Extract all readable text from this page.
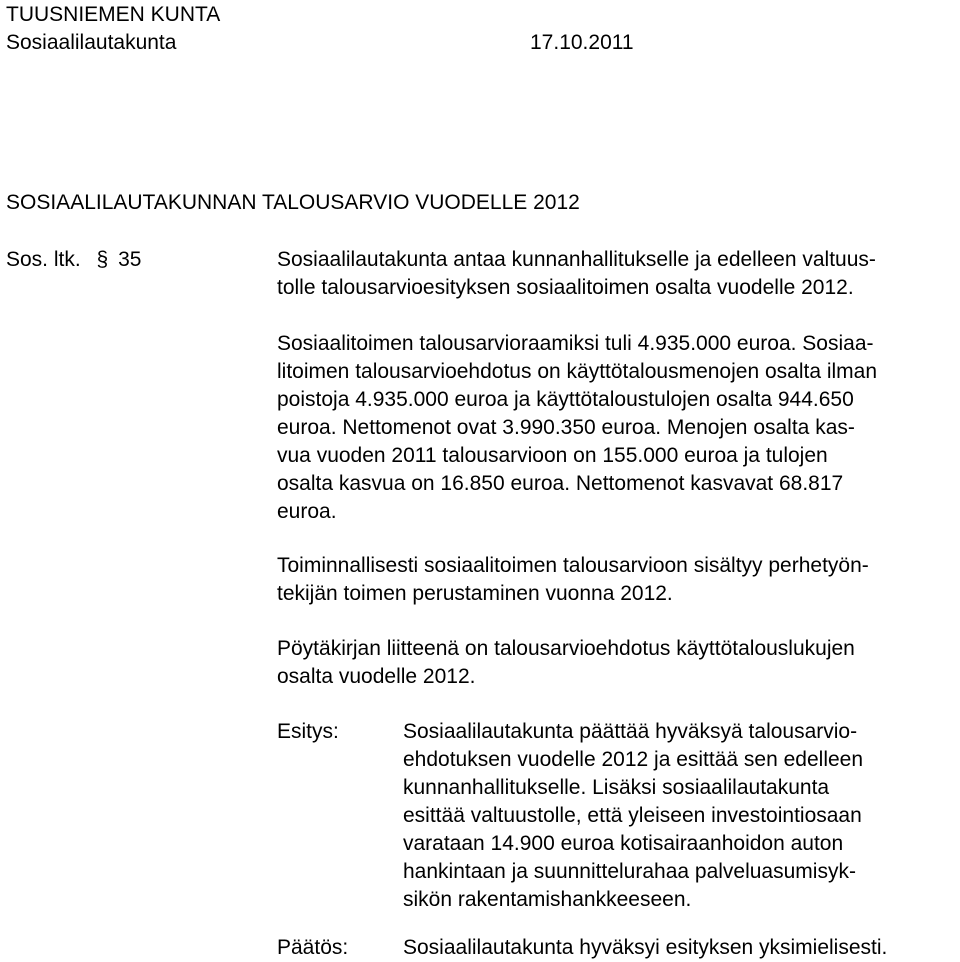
TUUSNIEMEN KUNTA
Sosiaalilautakunta	17.10.2011
SOSIAALILAUTAKUNNAN TALOUSARVIO VUODELLE 2012
Sos. ltk. § 35	Sosiaalilautakunta antaa kunnanhallitukselle ja edelleen valtuus-
tolle talousarvioesityksen sosiaalitoimen osalta vuodelle 2012.
Sosiaalitoimen talousarvioraamiksi tuli 4.935.000 euroa. Sosiaa-
litoimen talousarvioehdotus on käyttötalousmenojen osalta ilman
poistoja 4.935.000 euroa ja käyttötaloustulojen osalta 944.650
euroa. Nettomenot ovat 3.990.350 euroa. Menojen osalta kas-
vua vuoden 2011 talousarvioon on 155.000 euroa ja tulojen
osalta kasvua on 16.850 euroa. Nettomenot kasvavat 68.817
euroa.
Toiminnallisesti sosiaalitoimen talousarvioon sisältyy perhetyön-
tekijän toimen perustaminen vuonna 2012.
Pöytäkirjan liitteenä on talousarvioehdotus käyttötalouslukujen
osalta vuodelle 2012.
Esitys:	Sosiaalilautakunta päättää hyväksyä talousarvio-
ehdotuksen vuodelle 2012 ja esittää sen edelleen
kunnanhallitukselle. Lisäksi sosiaalilautakunta
esittää valtuustolle, että yleiseen investointiosaan
varataan 14.900 euroa kotisairaanhoidon auton
hankintaan ja suunnittelurahaa palveluasumisyk-
sikön rakentamishankkeeseen.
Päätös:	Sosiaalilautakunta hyväksyi esityksen yksimielisesti.
